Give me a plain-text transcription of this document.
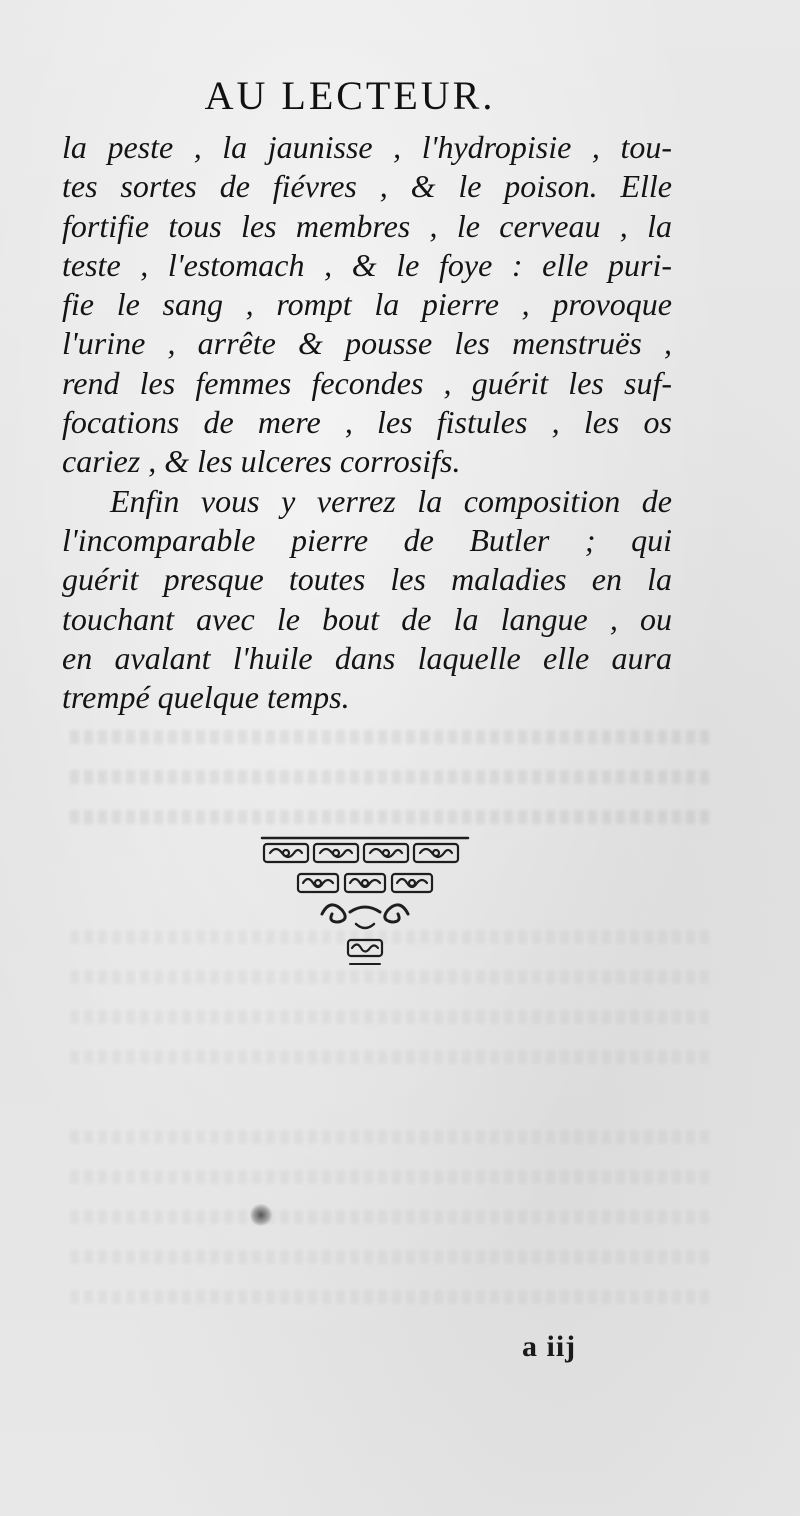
AU LECTEUR.
la peste , la jaunisse , l'hydropisie , tou-
tes sortes de fiévres , & le poison. Elle
fortifie tous les membres , le cerveau , la
teste , l'estomach , & le foye : elle puri-
fie le sang , rompt la pierre , provoque
l'urine , arrête & pousse les menstruës ,
rend les femmes fecondes , guérit les suf-
focations de mere , les fistules , les os
cariez , & les ulceres corrosifs.
Enfin vous y verrez la composition de
l'incomparable pierre de Butler ; qui
guérit presque toutes les maladies en la
touchant avec le bout de la langue , ou
en avalant l'huile dans laquelle elle aura
trempé quelque temps.
a iij
